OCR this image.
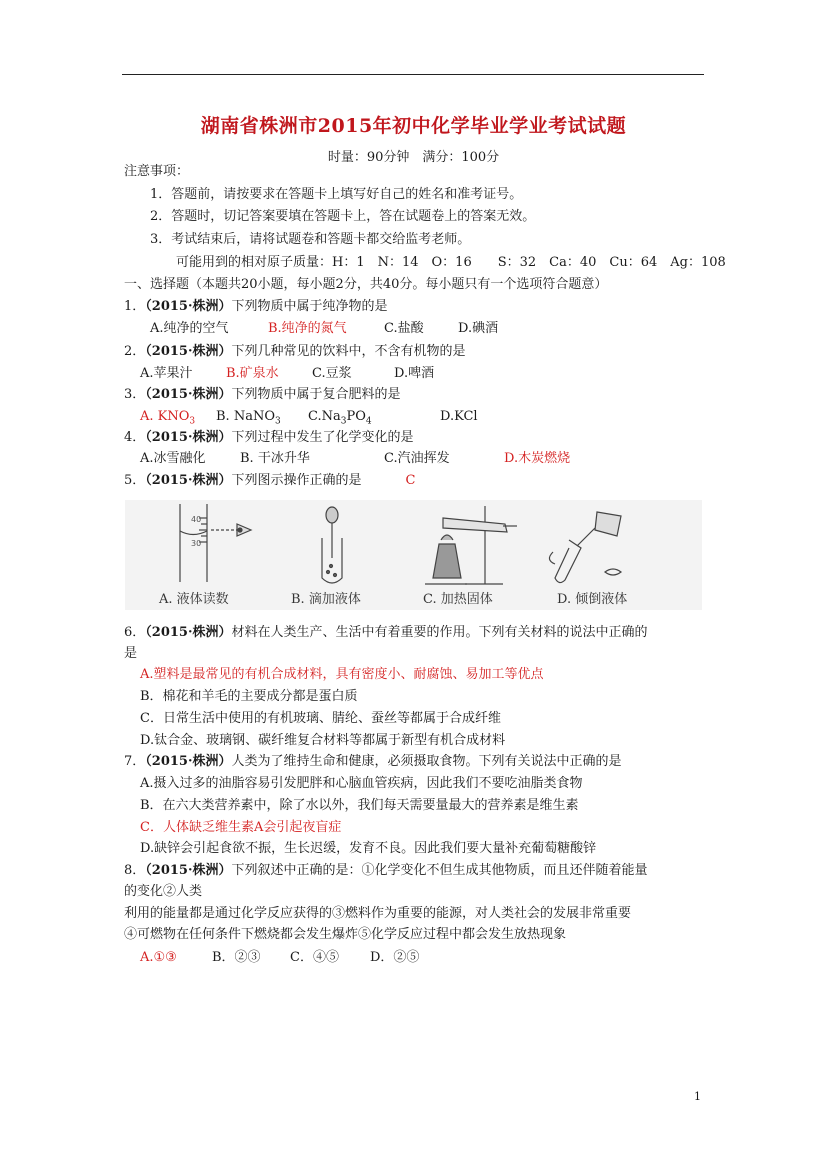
湖南省株洲市2015年初中化学毕业学业考试试题
时量：90分钟　满分：100分
注意事项：
1．答题前，请按要求在答题卡上填写好自己的姓名和准考证号。
2．答题时，切记答案要填在答题卡上，答在试题卷上的答案无效。
3．考试结束后，请将试题卷和答题卡都交给监考老师。
可能用到的相对原子质量：H：1　N：14　O：16　　S：32　Ca：40　Cu：64　Ag：108
一、选择题（本题共20小题，每小题2分，共40分。每小题只有一个选项符合题意）
1．（2015·株洲）下列物质中属于纯净物的是
A.纯净的空气	B.纯净的氮气	C.盐酸	D.碘酒
2．（2015·株洲）下列几种常见的饮料中，不含有机物的是
A.苹果汁	B.矿泉水	C.豆浆	D.啤酒
3．（2015·株洲）下列物质中属于复合肥料的是
A. $KNO_3$ B. NaNO$_3$ $C.Na_3PO_4$	D.KCl
4．（2015·株洲）下列过程中发生了化学变化的是
A.冰雪融化	B. 干冰升华	C.汽油挥发	D.木炭燃烧
5．（2015·株洲）下列图示操作正确的是	C
40
30
A. 液体读数	B. 滴加液体	C. 加热固体	D. 倾倒液体
6．（2015·株洲）材料在人类生产、生活中有着重要的作用。下列有关材料的说法中正确的
是
A.塑料是最常见的有机合成材料，具有密度小、耐腐蚀、易加工等优点
B．棉花和羊毛的主要成分都是蛋白质
C．日常生活中使用的有机玻璃、腈纶、蚕丝等都属于合成纤维
D.钛合金、玻璃钢、碳纤维复合材料等都属于新型有机合成材料
7．（2015·株洲）人类为了维持生命和健康，必须摄取食物。下列有关说法中正确的是
A.摄入过多的油脂容易引发肥胖和心脑血管疾病，因此我们不要吃油脂类食物
B．在六大类营养素中，除了水以外，我们每天需要量最大的营养素是维生素
C．人体缺乏维生素A会引起夜盲症
D.缺锌会引起食欲不振，生长迟缓，发育不良。因此我们要大量补充葡萄糖酸锌
8．（2015·株洲）下列叙述中正确的是：①化学变化不但生成其他物质，而且还伴随着能量
的变化②人类
利用的能量都是通过化学反应获得的③燃料作为重要的能源，对人类社会的发展非常重要
④可燃物在任何条件下燃烧都会发生爆炸⑤化学反应过程中都会发生放热现象
A.①③	B．②③ C．④⑤ D．②⑤
1
